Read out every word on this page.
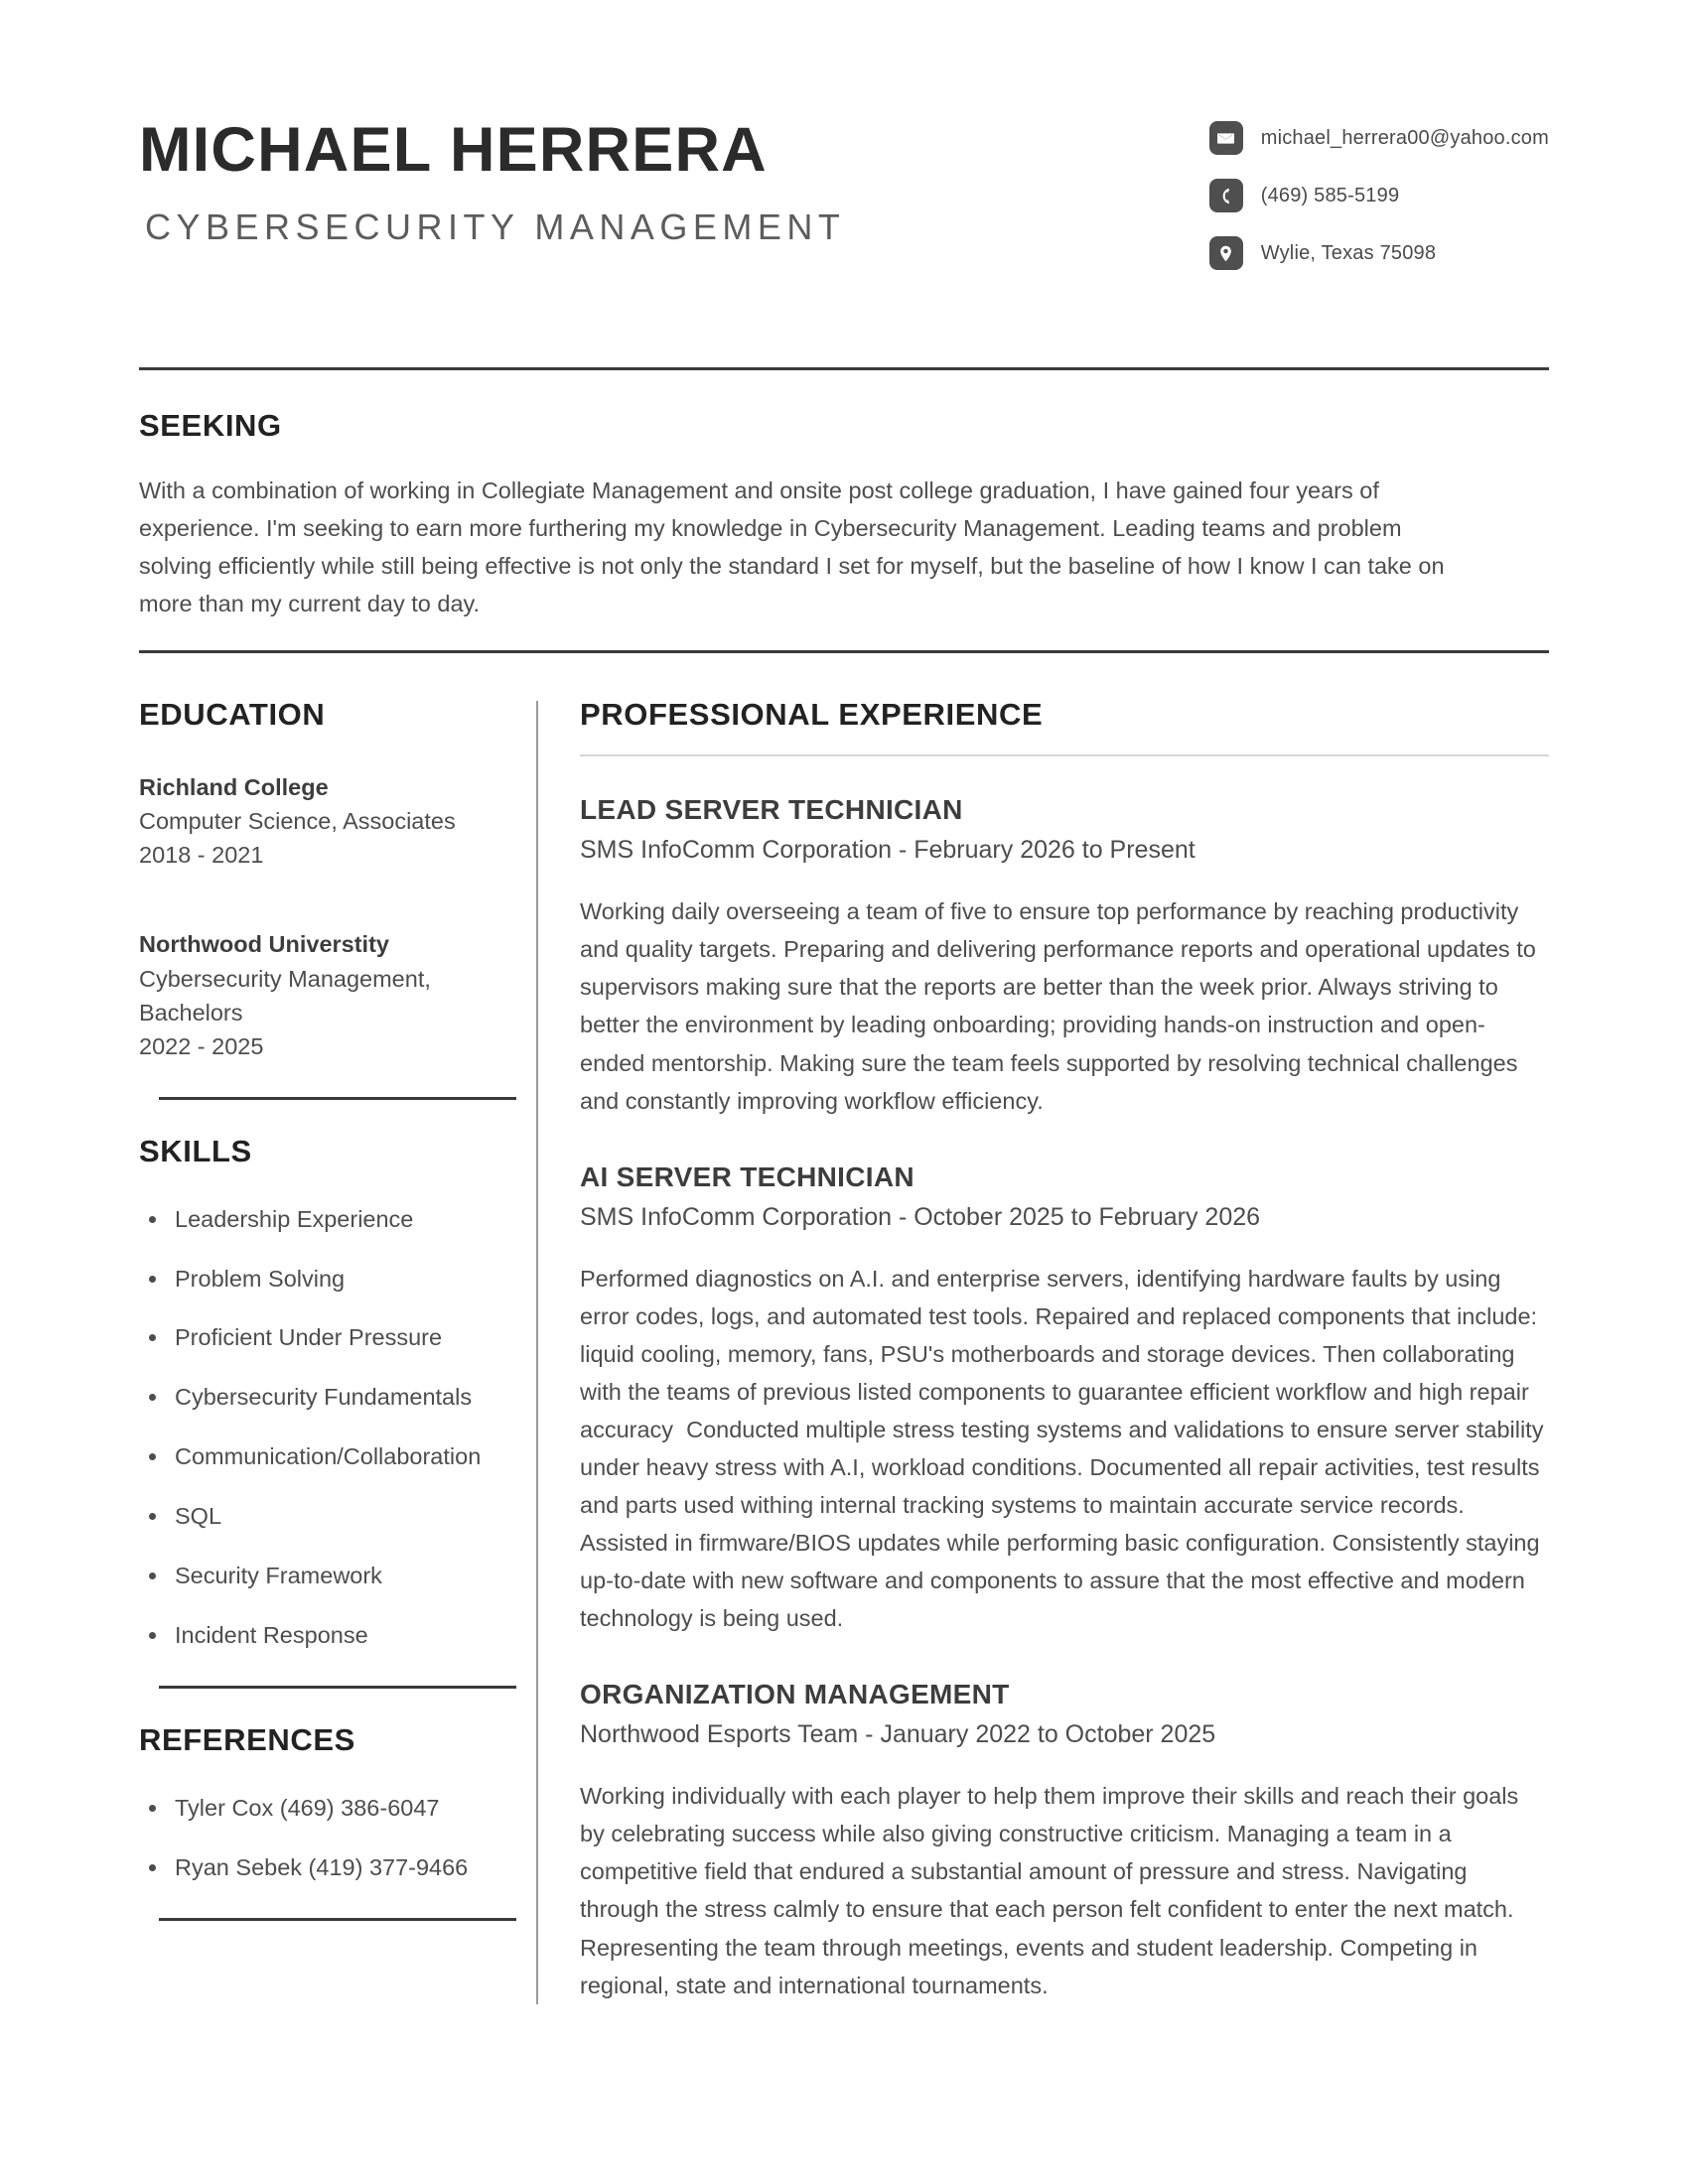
MICHAEL HERRERA
CYBERSECURITY MANAGEMENT
michael_herrera00@yahoo.com
(469) 585-5199
Wylie, Texas 75098
SEEKING

With a combination of working in Collegiate Management and onsite post college graduation, I have gained four years of experience. I'm seeking to earn more furthering my knowledge in Cybersecurity Management. Leading teams and problem solving efficiently while still being effective is not only the standard I set for myself, but the baseline of how I know I can take on more than my current day to day.

EDUCATION
Richland College
Computer Science, Associates
2018 - 2021
Northwood Universtity
Cybersecurity Management,
Bachelors
2022 - 2025
SKILLS
Leadership Experience
Problem Solving
Proficient Under Pressure
Cybersecurity Fundamentals
Communication/Collaboration
SQL
Security Framework
Incident Response
REFERENCES
Tyler Cox (469) 386-6047
Ryan Sebek (419) 377-9466
PROFESSIONAL EXPERIENCE
LEAD SERVER TECHNICIAN
SMS InfoComm Corporation - February 2026 to Present
Working daily overseeing a team of five to ensure top performance by reaching productivity and quality targets. Preparing and delivering performance reports and operational updates to supervisors making sure that the reports are better than the week prior. Always striving to better the environment by leading onboarding; providing hands-on instruction and open-ended mentorship. Making sure the team feels supported by resolving technical challenges and constantly improving workflow efficiency.
AI SERVER TECHNICIAN
SMS InfoComm Corporation - October 2025 to February 2026
Performed diagnostics on A.I. and enterprise servers, identifying hardware faults by using error codes, logs, and automated test tools. Repaired and replaced components that include: liquid cooling, memory, fans, PSU's motherboards and storage devices. Then collaborating with the teams of previous listed components to guarantee efficient workflow and high repair accuracy  Conducted multiple stress testing systems and validations to ensure server stability under heavy stress with A.I, workload conditions. Documented all repair activities, test results and parts used withing internal tracking systems to maintain accurate service records. Assisted in firmware/BIOS updates while performing basic configuration. Consistently staying up-to-date with new software and components to assure that the most effective and modern technology is being used.
ORGANIZATION MANAGEMENT
Northwood Esports Team - January 2022 to October 2025
Working individually with each player to help them improve their skills and reach their goals by celebrating success while also giving constructive criticism. Managing a team in a competitive field that endured a substantial amount of pressure and stress. Navigating through the stress calmly to ensure that each person felt confident to enter the next match. Representing the team through meetings, events and student leadership. Competing in regional, state and international tournaments.
